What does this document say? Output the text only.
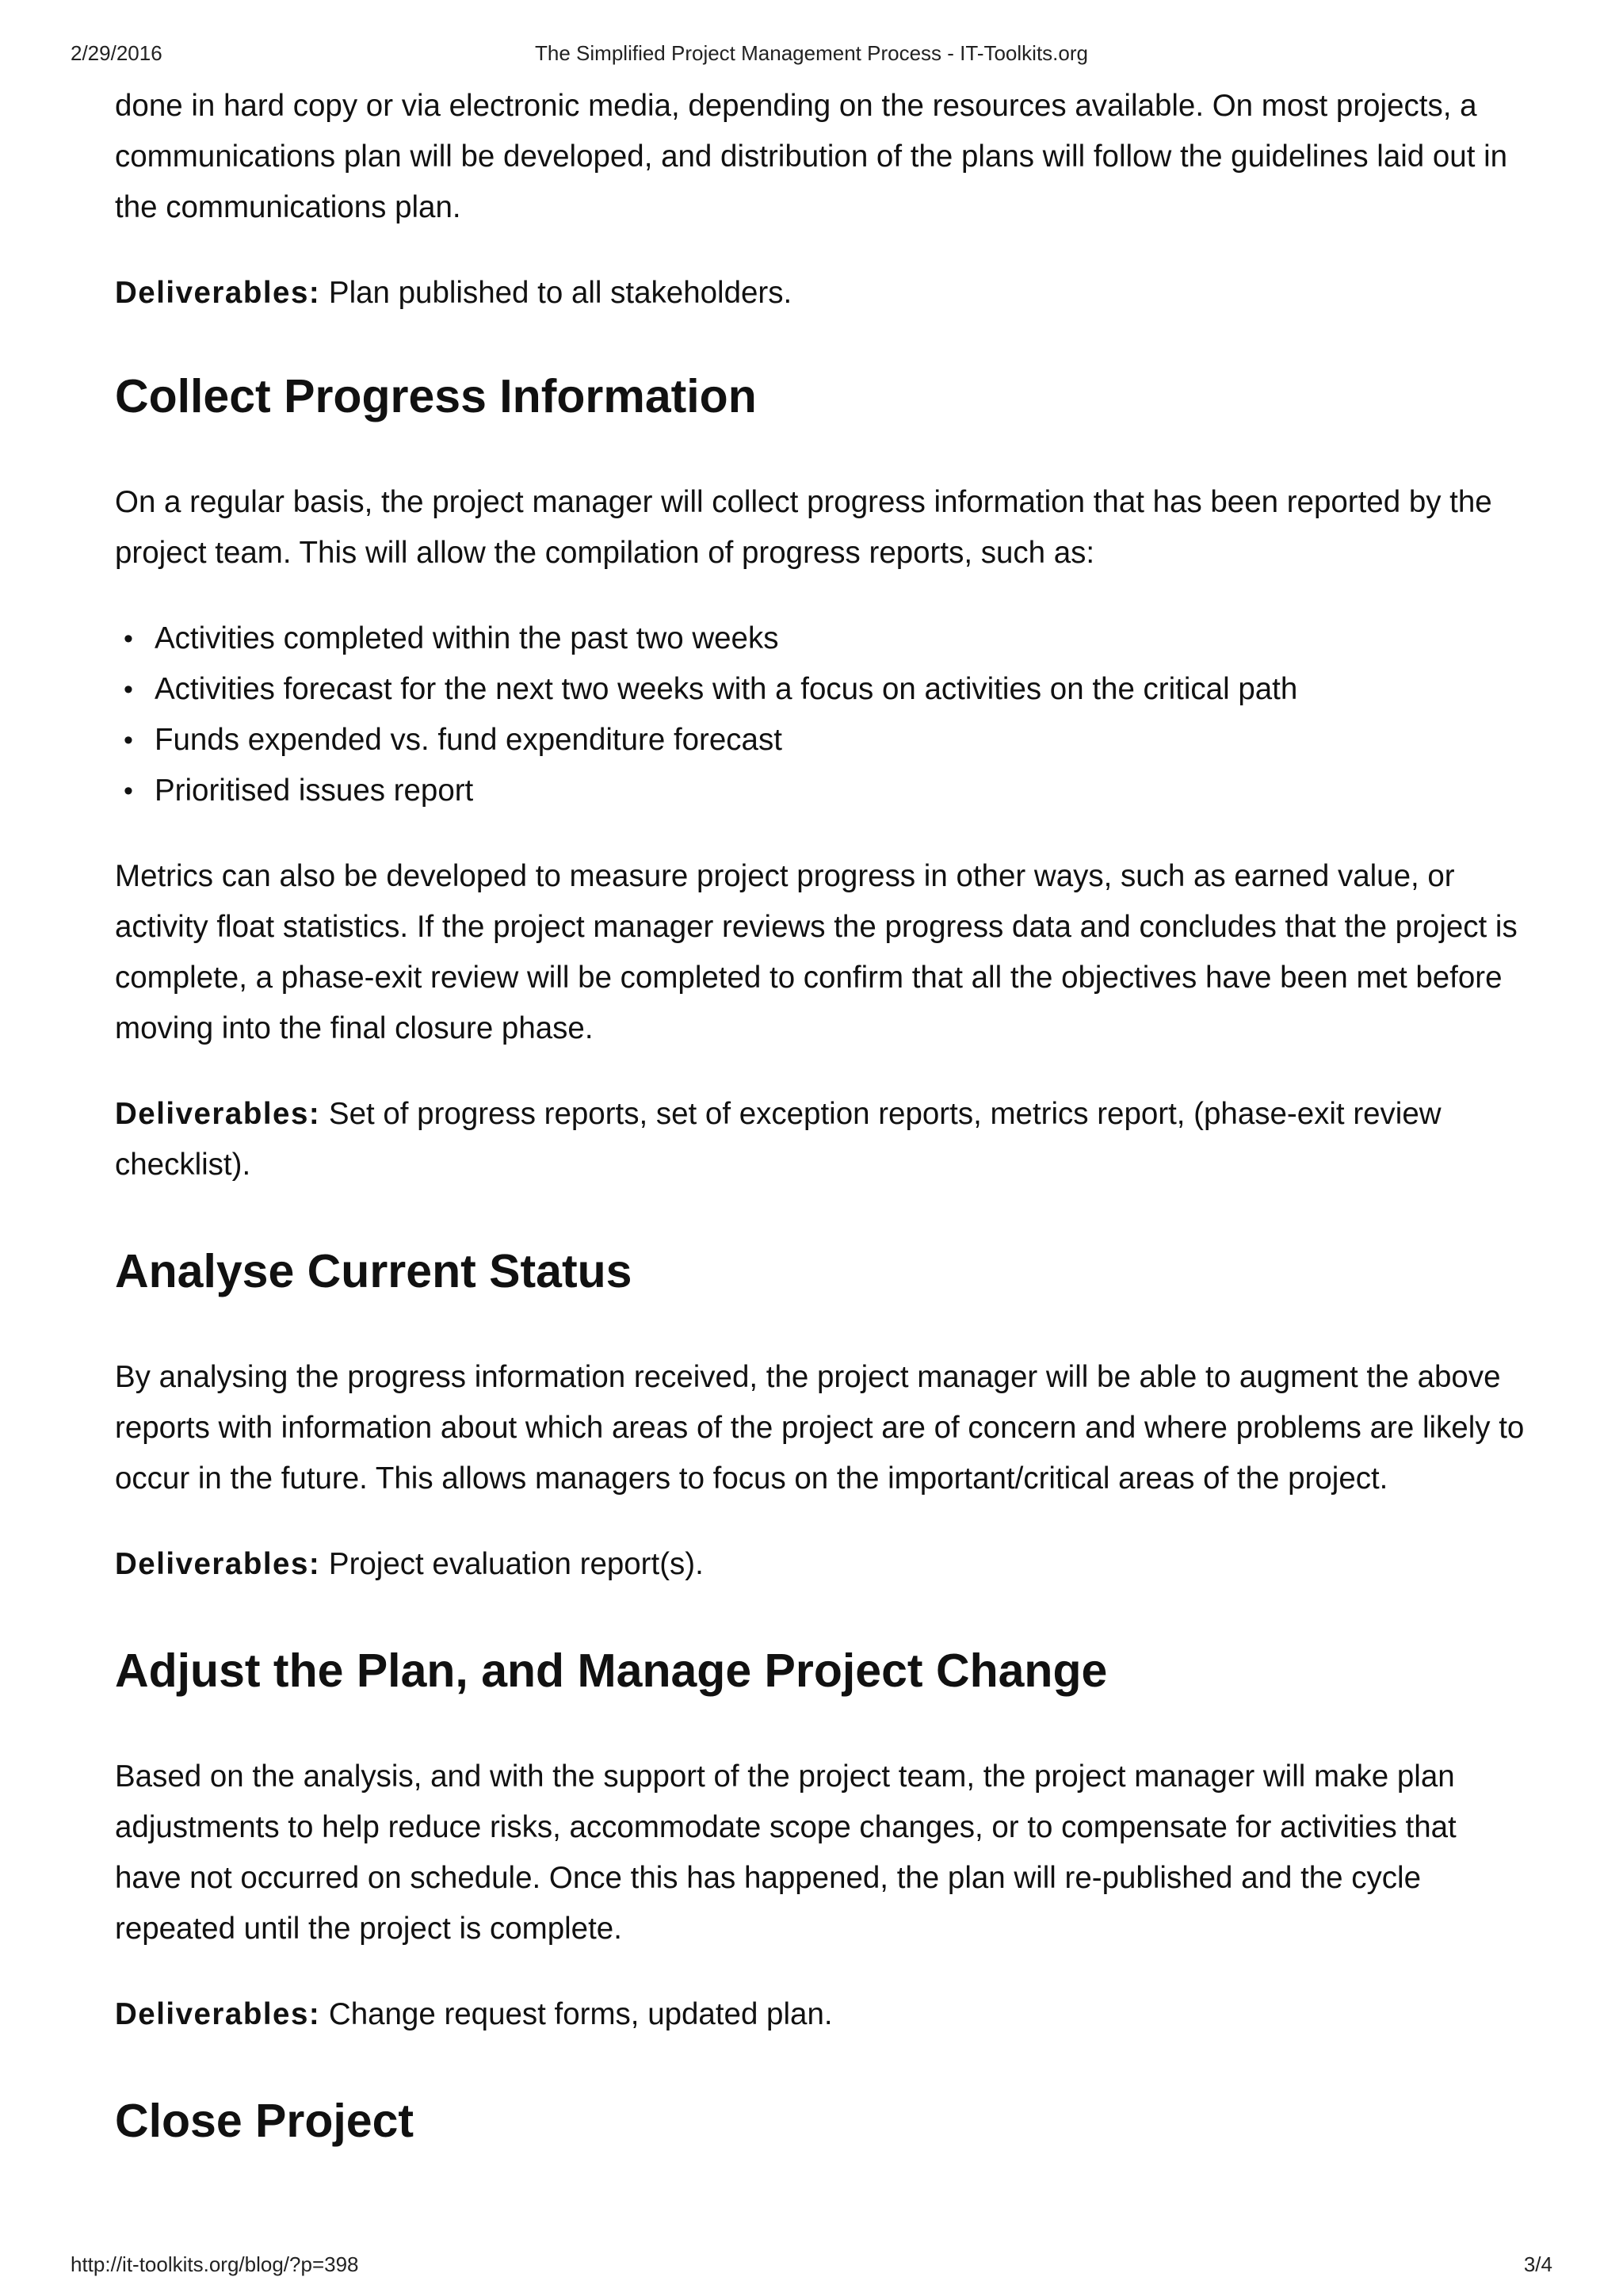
2/29/2016	The Simplified Project Management Process - IT-Toolkits.org

done in hard copy or via electronic media, depending on the resources available. On most projects, a communications plan will be developed, and distribution of the plans will follow the guidelines laid out in the communications plan.

Deliverables: Plan published to all stakeholders.

Collect Progress Information

On a regular basis, the project manager will collect progress information that has been reported by the project team. This will allow the compilation of progress reports, such as:

• Activities completed within the past two weeks
• Activities forecast for the next two weeks with a focus on activities on the critical path
• Funds expended vs. fund expenditure forecast
• Prioritised issues report

Metrics can also be developed to measure project progress in other ways, such as earned value, or activity float statistics. If the project manager reviews the progress data and concludes that the project is complete, a phase-exit review will be completed to confirm that all the objectives have been met before moving into the final closure phase.

Deliverables: Set of progress reports, set of exception reports, metrics report, (phase-exit review checklist).

Analyse Current Status

By analysing the progress information received, the project manager will be able to augment the above reports with information about which areas of the project are of concern and where problems are likely to occur in the future. This allows managers to focus on the important/critical areas of the project.

Deliverables: Project evaluation report(s).

Adjust the Plan, and Manage Project Change

Based on the analysis, and with the support of the project team, the project manager will make plan adjustments to help reduce risks, accommodate scope changes, or to compensate for activities that have not occurred on schedule. Once this has happened, the plan will re-published and the cycle repeated until the project is complete.

Deliverables: Change request forms, updated plan.

Close Project
http://it-toolkits.org/blog/?p=398	3/4
